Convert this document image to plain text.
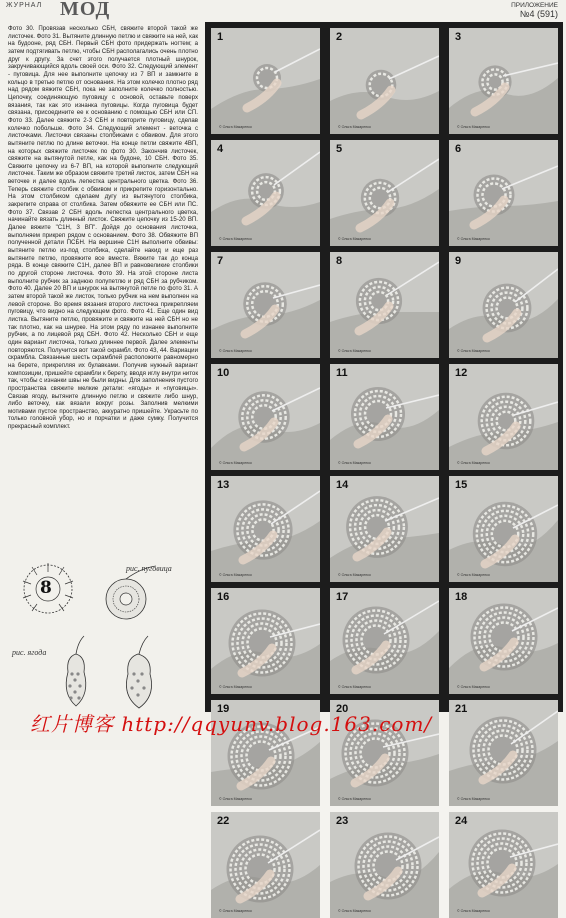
ЖУРНАЛ МОД	ПРИЛОЖЕНИЕ
№4 (591)
Фото 30. Провязав несколько СБН, свяжите второй такой же листочек. Фото 31. Вытяните длинную петлю и свяжите на ней, как на будооне, ряд СБН. Первый СБН фото придержать ногтем; а затем подтягивать петлю, чтобы СБН располагались очень плотно друг к другу. За счет этого получается плотный шнурок, закручивающийся вдоль своей оси. Фото 32. Следующий элемент - пуговица. Для нее выполните цепочку из 7 ВП и замкните в кольцо в третью петлю от основания. На этом колечко плотно ряд над рядом вяжите СБН, пока не заполните колечко полностью. Цепочку, соединяющую пуговицу с основой, оставьте поверх вязания, так как это изнанка пуговицы. Когда пуговица будет связана, присоедините ее к основанию с помощью СБН или СП. Фото 33. Далее свяжите 2-3 СБН и повторите пуговицу, сделав колечко побольше. Фото 34. Следующий элемент - веточка с листочками. Листочки связаны столбиками с обвивом. Для этого вытяните петлю по длине веточки. На конце петли свяжите 4ВП, на которых свяжите листочек по фото 30. Закончив листочек, свяжите на вытянутой петле, как на будоне, 10 СБН. Фото 35. Свяжите цепочку из 6-7 ВП, на которой выполните следующий листочек. Таким же образом свяжите третий листок, затем СБН на веточке и далее вдоль лепестка центрального цветка. Фото 36. Теперь свяжите столбик с обвивом и прикрепите горизонтально. На этом столбиком сделаем дугу из вытянутого столбика, закрепите справа от столбика. Затем обвяжите ее СБН или ПС. Фото 37. Связав 2 СБН вдоль лепестка центрального цветка, начинайте вязать длинный листок. Свяжите цепочку из 15-20 ВП. Далее вяжите "С1Н, 3 ВП". Дойдя до основания листочка, выполняем прикреп рядом с основанием. Фото 38. Обвяжите ВП полученной детали ПСБН. На вершине С1Н выполните обвивы: вытяните петлю из-под столбика, сделайте накид и еще раз вытяните петлю, провяжите все вместе. Вяжите так до конца ряда. В конце свяжите С1Н, далее ВП и равновеликие столбики по другой стороне листочка. Фото 39. На этой стороне листа выполните рубчик за заднюю полупетлю и ряд СБН за рубчиком. Фото 40. Далее 20 ВП и шнурок на вытянутой петле по фото 31. А затем второй такой же листок, только рубчик на нем выполнен на левой стороне. Во время вязания второго листочка прикрепляем пуговицу, что видно на следующем фото. Фото 41. Еще один вид листка. Вытяните петлю, провяжите и свяжите на ней СБН но не так плотно, как на шнурке. На этом ряду по изнанке выполните рубчик, а по лицевой ряд СБН. Фото 42. Несколько СБН и еще один вариант листочка, только длиннее первой. Далее элементы повторяются. Получится вот такой скрамбл. Фото 43, 44. Вариации скрамбла. Связанные шесть скрамблей расположите равномерно на берете, прикрепляя их булавками. Получив нужный вариант композиции, пришейте скрамбли к берету, вводя иглу внутри ниток так, чтобы с изнанки швы не были видны. Для заполнения пустого пространства свяжите мелкие детали: «ягоды» и «пуговицы». Связав ягоду, вытяните длинную петлю и свяжите либо шнур, либо веточку, как вязали вокруг розы. Заполнив мелкими мотивами пустое пространство, аккуратно пришейте. Украсьте по только головной убор, но и порчатки и даже сумку. Получится прекрасный комплект.
рис. пуговица
рис. ягода
8
1
© Ольга Макаренко
2
© Ольга Макаренко
3
© Ольга Макаренко
4
© Ольга Макаренко
5
© Ольга Макаренко
6
© Ольга Макаренко
7
© Ольга Макаренко
8
© Ольга Макаренко
9
© Ольга Макаренко
10
© Ольга Макаренко
11
© Ольга Макаренко
12
© Ольга Макаренко
13
© Ольга Макаренко
14
© Ольга Макаренко
15
© Ольга Макаренко
16
© Ольга Макаренко
17
© Ольга Макаренко
18
© Ольга Макаренко
19
© Ольга Макаренко
20
© Ольга Макаренко
21
© Ольга Макаренко
22
© Ольга Макаренко
23
© Ольга Макаренко
24
© Ольга Макаренко
红片博客 http://qqyunv.blog.163.com/
